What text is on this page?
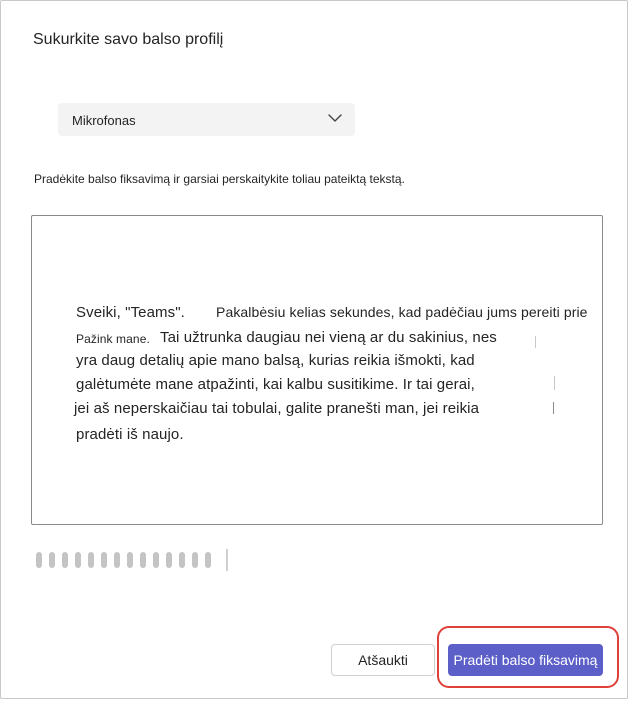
Sukurkite savo balso profilį
Mikrofonas
Pradėkite balso fiksavimą ir garsiai perskaitykite toliau pateiktą tekstą.
Sveiki, "Teams". Pakalbėsiu kelias sekundes, kad padėčiau jums pereiti prie
Pažink mane. Tai užtrunka daugiau nei vieną ar du sakinius, nes
yra daug detalių apie mano balsą, kurias reikia išmokti, kad
galėtumėte mane atpažinti, kai kalbu susitikime. Ir tai gerai,
jei aš neperskaičiau tai tobulai, galite pranešti man, jei reikia
pradėti iš naujo.
Atšaukti	Pradėti balso fiksavimą
